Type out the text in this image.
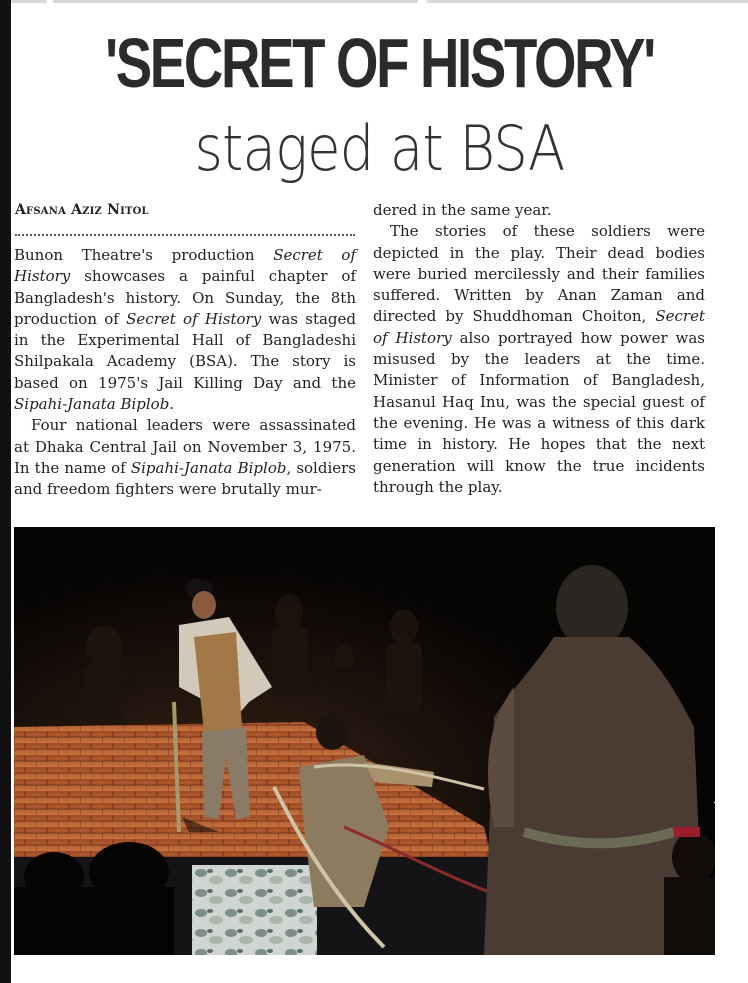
'SECRET OF HISTORY'
staged at BSA
Afsana Aziz Nitol

Bunon Theatre's production Secret of History showcases a painful chapter of Bangladesh's history. On Sunday, the 8th production of Secret of History was staged in the Experimental Hall of Bangladeshi Shilpakala Academy (BSA). The story is based on 1975's Jail Killing Day and the Sipahi-Janata Biplob.

Four national leaders were assassinated at Dhaka Central Jail on November 3, 1975. In the name of Sipahi-Janata Biplob, soldiers and freedom fighters were brutally mur-

dered in the same year.

The stories of these soldiers were depicted in the play. Their dead bodies were buried mercilessly and their families suffered. Written by Anan Zaman and directed by Shuddhoman Choiton, Secret of History also portrayed how power was misused by the leaders at the time. Minister of Information of Bangladesh, Hasanul Haq Inu, was the special guest of the evening. He was a witness of this dark time in history. He hopes that the next generation will know the true incidents through the play.
